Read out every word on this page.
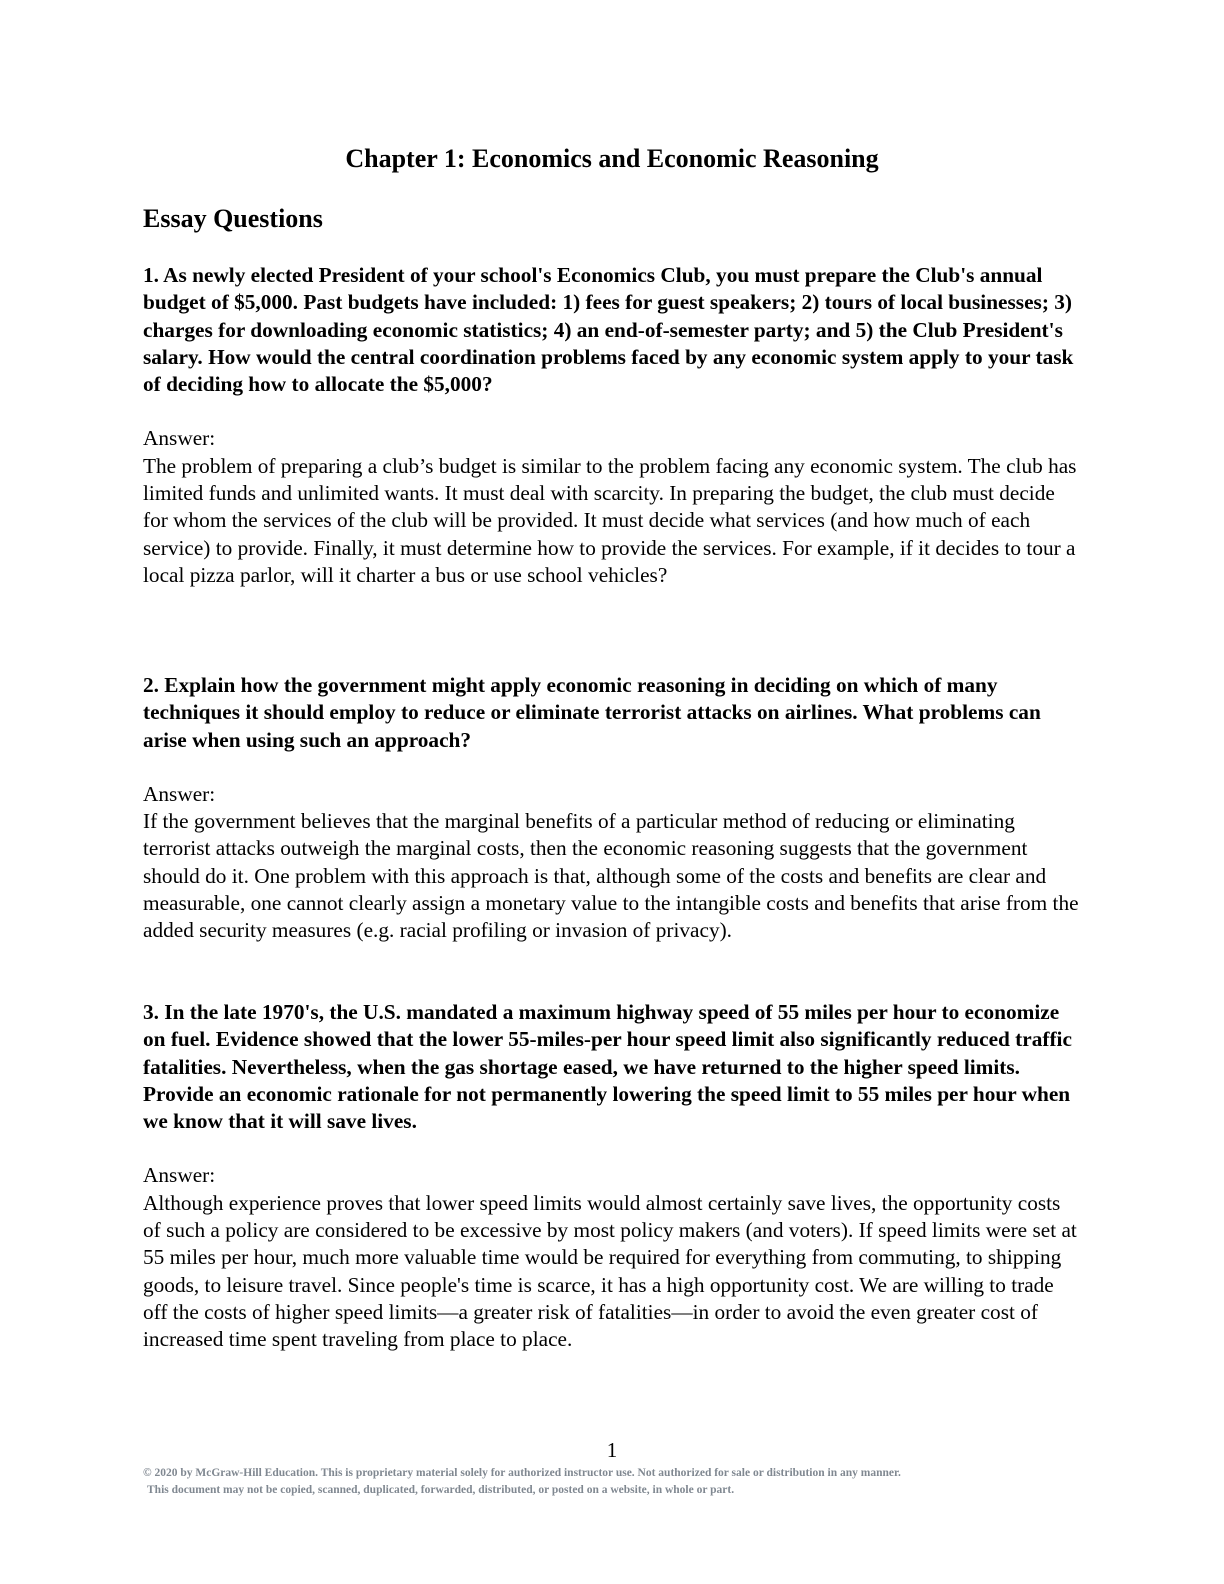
Chapter 1: Economics and Economic Reasoning
Essay Questions

1. As newly elected President of your school's Economics Club, you must prepare the Club's annual budget of $5,000. Past budgets have included: 1) fees for guest speakers; 2) tours of local businesses; 3) charges for downloading economic statistics; 4) an end-of-semester party; and 5) the Club President's salary. How would the central coordination problems faced by any economic system apply to your task of deciding how to allocate the $5,000?

Answer:

The problem of preparing a club’s budget is similar to the problem facing any economic system. The club has limited funds and unlimited wants. It must deal with scarcity. In preparing the budget, the club must decide for whom the services of the club will be provided. It must decide what services (and how much of each service) to provide. Finally, it must determine how to provide the services. For example, if it decides to tour a local pizza parlor, will it charter a bus or use school vehicles?

2. Explain how the government might apply economic reasoning in deciding on which of many techniques it should employ to reduce or eliminate terrorist attacks on airlines. What problems can arise when using such an approach?

Answer:

If the government believes that the marginal benefits of a particular method of reducing or eliminating terrorist attacks outweigh the marginal costs, then the economic reasoning suggests that the government should do it. One problem with this approach is that, although some of the costs and benefits are clear and measurable, one cannot clearly assign a monetary value to the intangible costs and benefits that arise from the added security measures (e.g. racial profiling or invasion of privacy).

3. In the late 1970's, the U.S. mandated a maximum highway speed of 55 miles per hour to economize on fuel. Evidence showed that the lower 55-miles-per hour speed limit also significantly reduced traffic fatalities. Nevertheless, when the gas shortage eased, we have returned to the higher speed limits. Provide an economic rationale for not permanently lowering the speed limit to 55 miles per hour when we know that it will save lives.

Answer:

Although experience proves that lower speed limits would almost certainly save lives, the opportunity costs of such a policy are considered to be excessive by most policy makers (and voters). If speed limits were set at 55 miles per hour, much more valuable time would be required for everything from commuting, to shipping goods, to leisure travel. Since people's time is scarce, it has a high opportunity cost. We are willing to trade off the costs of higher speed limits—a greater risk of fatalities—in order to avoid the even greater cost of increased time spent traveling from place to place.

1

© 2020 by McGraw-Hill Education. This is proprietary material solely for authorized instructor use. Not authorized for sale or distribution in any manner.

This document may not be copied, scanned, duplicated, forwarded, distributed, or posted on a website, in whole or part.
